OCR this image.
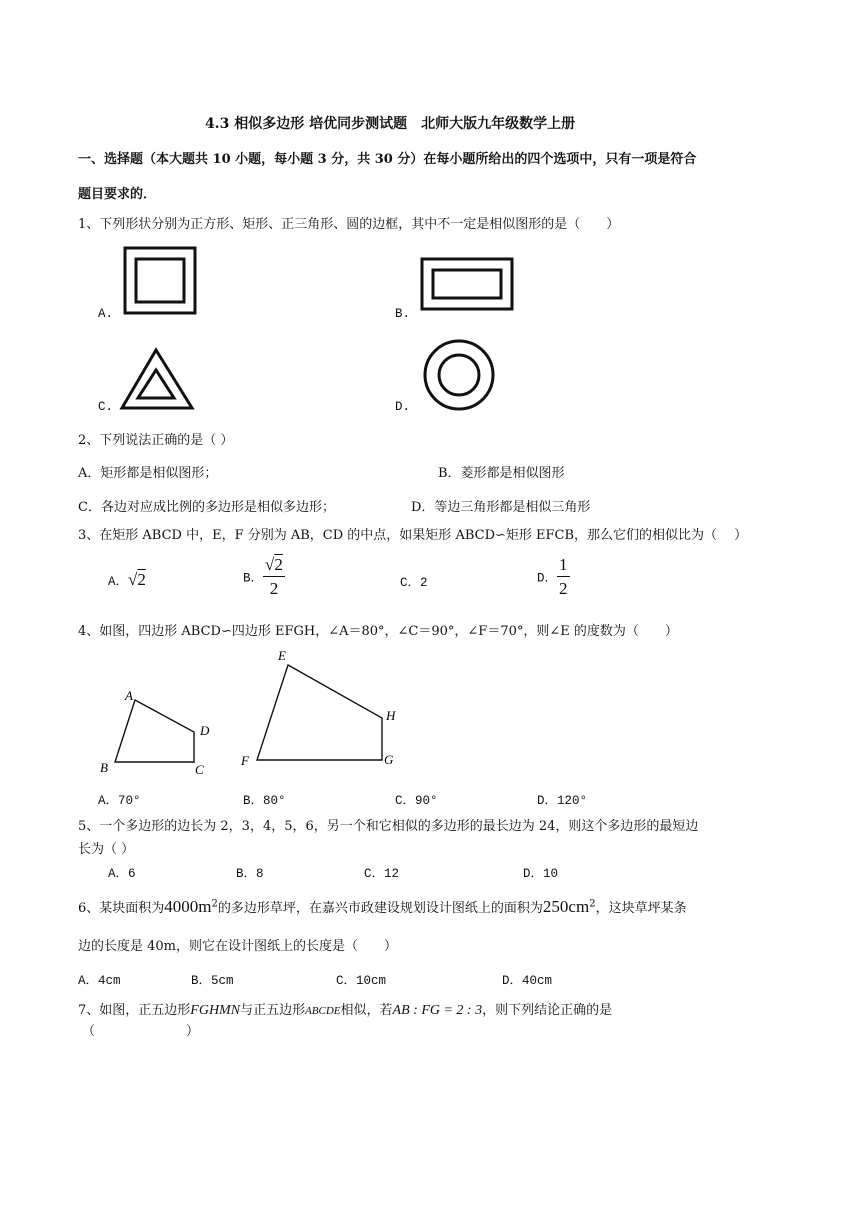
4.3 相似多边形 培优同步测试题　北师大版九年级数学上册
一、选择题（本大题共 10 小题，每小题 3 分，共 30 分）在每小题所给出的四个选项中，只有一项是符合
题目要求的．
1、下列形状分别为正方形、矩形、正三角形、圆的边框，其中不一定是相似图形的是（　　）
A.	B.
C.	D.
2、下列说法正确的是（ ）
A．矩形都是相似图形；	B．菱形都是相似图形
C．各边对应成比例的多边形是相似多边形；	D．等边三角形都是相似三角形
3、在矩形 ABCD 中，E，F 分别为 AB，CD 的中点，如果矩形 ABCD∽矩形 EFCB，那么它们的相似比为（　 ）
A．√2	B． $\frac{√2}{2}$	C．2	D． $\frac{1}{2}$
4、如图，四边形 ABCD∽四边形 EFGH，∠A＝80°，∠C＝90°，∠F＝70°，则∠E 的度数为（　　）
A
B	C
D
E
F	G
H
A．70°	B．80°	C．90°	D．120°
5、一个多边形的边长为 2，3，4，5，6，另一个和它相似的多边形的最长边为 24，则这个多边形的最短边
长为（ ）
A．6	B．8	C．12	D．10
6、某块面积为$4000m^2$的多边形草坪，在嘉兴市政建设规划设计图纸上的面积为$250cm^2$，这块草坪某条
边的长度是 40m，则它在设计图纸上的长度是（　　）
A．4cm	B．5cm	C．10cm	D．40cm
7、如图，正五边形FGHMN与正五边形ABCDE相似，若AB : FG = 2 : 3，则下列结论正确的是
（　　　　　　　）
